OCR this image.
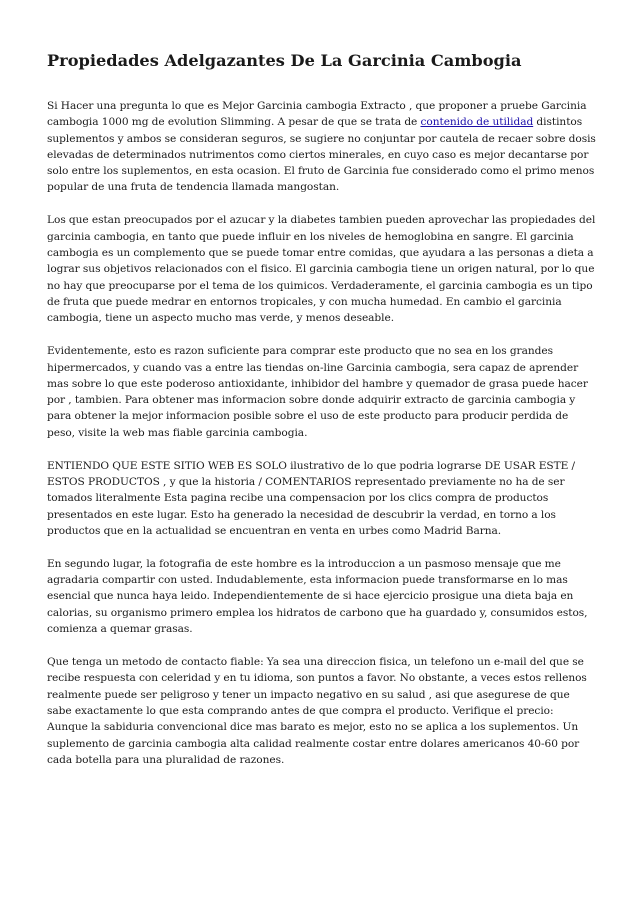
Propiedades Adelgazantes De La Garcinia Cambogia

Si Hacer una pregunta lo que es Mejor Garcinia cambogia Extracto , que proponer a pruebe Garcinia cambogia 1000 mg de evolution Slimming. A pesar de que se trata de contenido de utilidad distintos suplementos y ambos se consideran seguros, se sugiere no conjuntar por cautela de recaer sobre dosis elevadas de determinados nutrimentos como ciertos minerales, en cuyo caso es mejor decantarse por solo entre los suplementos, en esta ocasion. El fruto de Garcinia fue considerado como el primo menos popular de una fruta de tendencia llamada mangostan.

Los que estan preocupados por el azucar y la diabetes tambien pueden aprovechar las propiedades del garcinia cambogia, en tanto que puede influir en los niveles de hemoglobina en sangre. El garcinia cambogia es un complemento que se puede tomar entre comidas, que ayudara a las personas a dieta a lograr sus objetivos relacionados con el fisico. El garcinia cambogia tiene un origen natural, por lo que no hay que preocuparse por el tema de los quimicos. Verdaderamente, el garcinia cambogia es un tipo de fruta que puede medrar en entornos tropicales, y con mucha humedad. En cambio el garcinia cambogia, tiene un aspecto mucho mas verde, y menos deseable.

Evidentemente, esto es razon suficiente para comprar este producto que no sea en los grandes hipermercados, y cuando vas a entre las tiendas on-line Garcinia cambogia, sera capaz de aprender mas sobre lo que este poderoso antioxidante, inhibidor del hambre y quemador de grasa puede hacer por , tambien. Para obtener mas informacion sobre donde adquirir extracto de garcinia cambogia y para obtener la mejor informacion posible sobre el uso de este producto para producir perdida de peso, visite la web mas fiable garcinia cambogia.

ENTIENDO QUE ESTE SITIO WEB ES SOLO ilustrativo de lo que podria lograrse DE USAR ESTE / ESTOS PRODUCTOS , y que la historia / COMENTARIOS representado previamente no ha de ser tomados literalmente Esta pagina recibe una compensacion por los clics compra de productos presentados en este lugar. Esto ha generado la necesidad de descubrir la verdad, en torno a los productos que en la actualidad se encuentran en venta en urbes como Madrid Barna.

En segundo lugar, la fotografia de este hombre es la introduccion a un pasmoso mensaje que me agradaria compartir con usted. Indudablemente, esta informacion puede transformarse en lo mas esencial que nunca haya leido. Independientemente de si hace ejercicio prosigue una dieta baja en calorias, su organismo primero emplea los hidratos de carbono que ha guardado y, consumidos estos, comienza a quemar grasas.

Que tenga un metodo de contacto fiable: Ya sea una direccion fisica, un telefono un e-mail del que se recibe respuesta con celeridad y en tu idioma, son puntos a favor. No obstante, a veces estos rellenos realmente puede ser peligroso y tener un impacto negativo en su salud , asi que asegurese de que sabe exactamente lo que esta comprando antes de que compra el producto. Verifique el precio: Aunque la sabiduria convencional dice mas barato es mejor, esto no se aplica a los suplementos. Un suplemento de garcinia cambogia alta calidad realmente costar entre dolares americanos 40-60 por cada botella para una pluralidad de razones.
